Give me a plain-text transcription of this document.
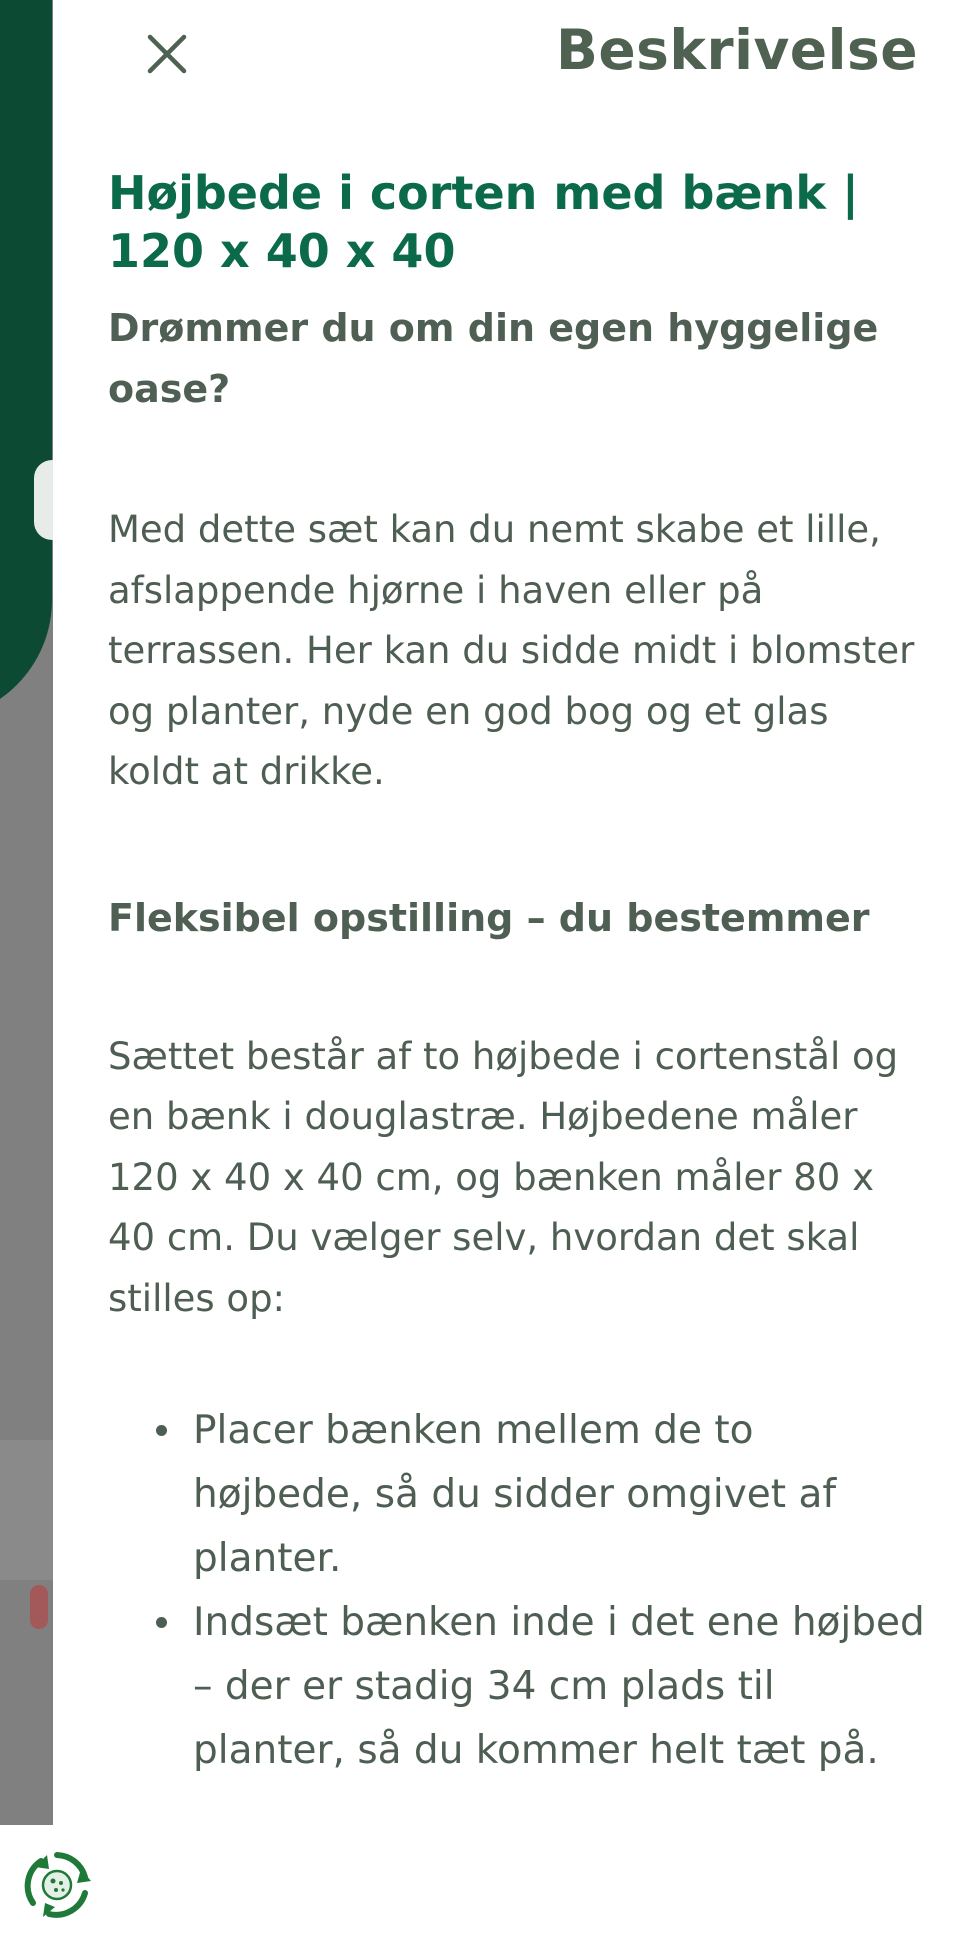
Beskrivelse
Højbede i corten med bænk | 120 x 40 x 40
Drømmer du om din egen hyggelige oase?

Med dette sæt kan du nemt skabe et lille, afslappende hjørne i haven eller på terrassen. Her kan du sidde midt i blomster og planter, nyde en god bog og et glas koldt at drikke.

Fleksibel opstilling – du bestemmer

Sættet består af to højbede i cortenstål og en bænk i douglastræ. Højbedene måler 120 x 40 x 40 cm, og bænken måler 80 x 40 cm. Du vælger selv, hvordan det skal stilles op:

Placer bænken mellem de to højbede, så du sidder omgivet af planter.
Indsæt bænken inde i det ene højbed – der er stadig 34 cm plads til planter, så du kommer helt tæt på.
